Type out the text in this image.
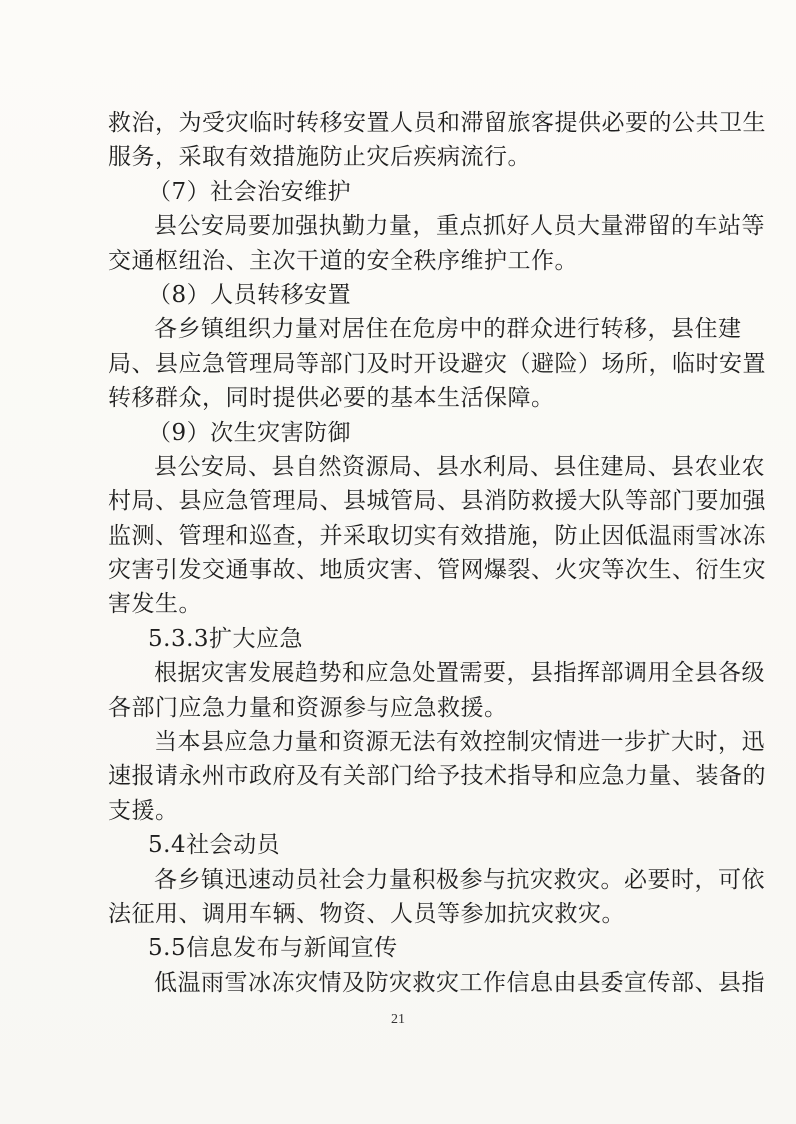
救治，为受灾临时转移安置人员和滞留旅客提供必要的公共卫生
服务，采取有效措施防止灾后疾病流行。
（7）社会治安维护
县公安局要加强执勤力量，重点抓好人员大量滞留的车站等
交通枢纽治、主次干道的安全秩序维护工作。
（8）人员转移安置
各乡镇组织力量对居住在危房中的群众进行转移，县住建
局、县应急管理局等部门及时开设避灾（避险）场所，临时安置
转移群众，同时提供必要的基本生活保障。
（9）次生灾害防御
县公安局、县自然资源局、县水利局、县住建局、县农业农
村局、县应急管理局、县城管局、县消防救援大队等部门要加强
监测、管理和巡查，并采取切实有效措施，防止因低温雨雪冰冻
灾害引发交通事故、地质灾害、管网爆裂、火灾等次生、衍生灾
害发生。
5.3.3扩大应急
根据灾害发展趋势和应急处置需要，县指挥部调用全县各级
各部门应急力量和资源参与应急救援。
当本县应急力量和资源无法有效控制灾情进一步扩大时，迅
速报请永州市政府及有关部门给予技术指导和应急力量、装备的
支援。
5.4社会动员
各乡镇迅速动员社会力量积极参与抗灾救灾。必要时，可依
法征用、调用车辆、物资、人员等参加抗灾救灾。
5.5信息发布与新闻宣传
低温雨雪冰冻灾情及防灾救灾工作信息由县委宣传部、县指
21
